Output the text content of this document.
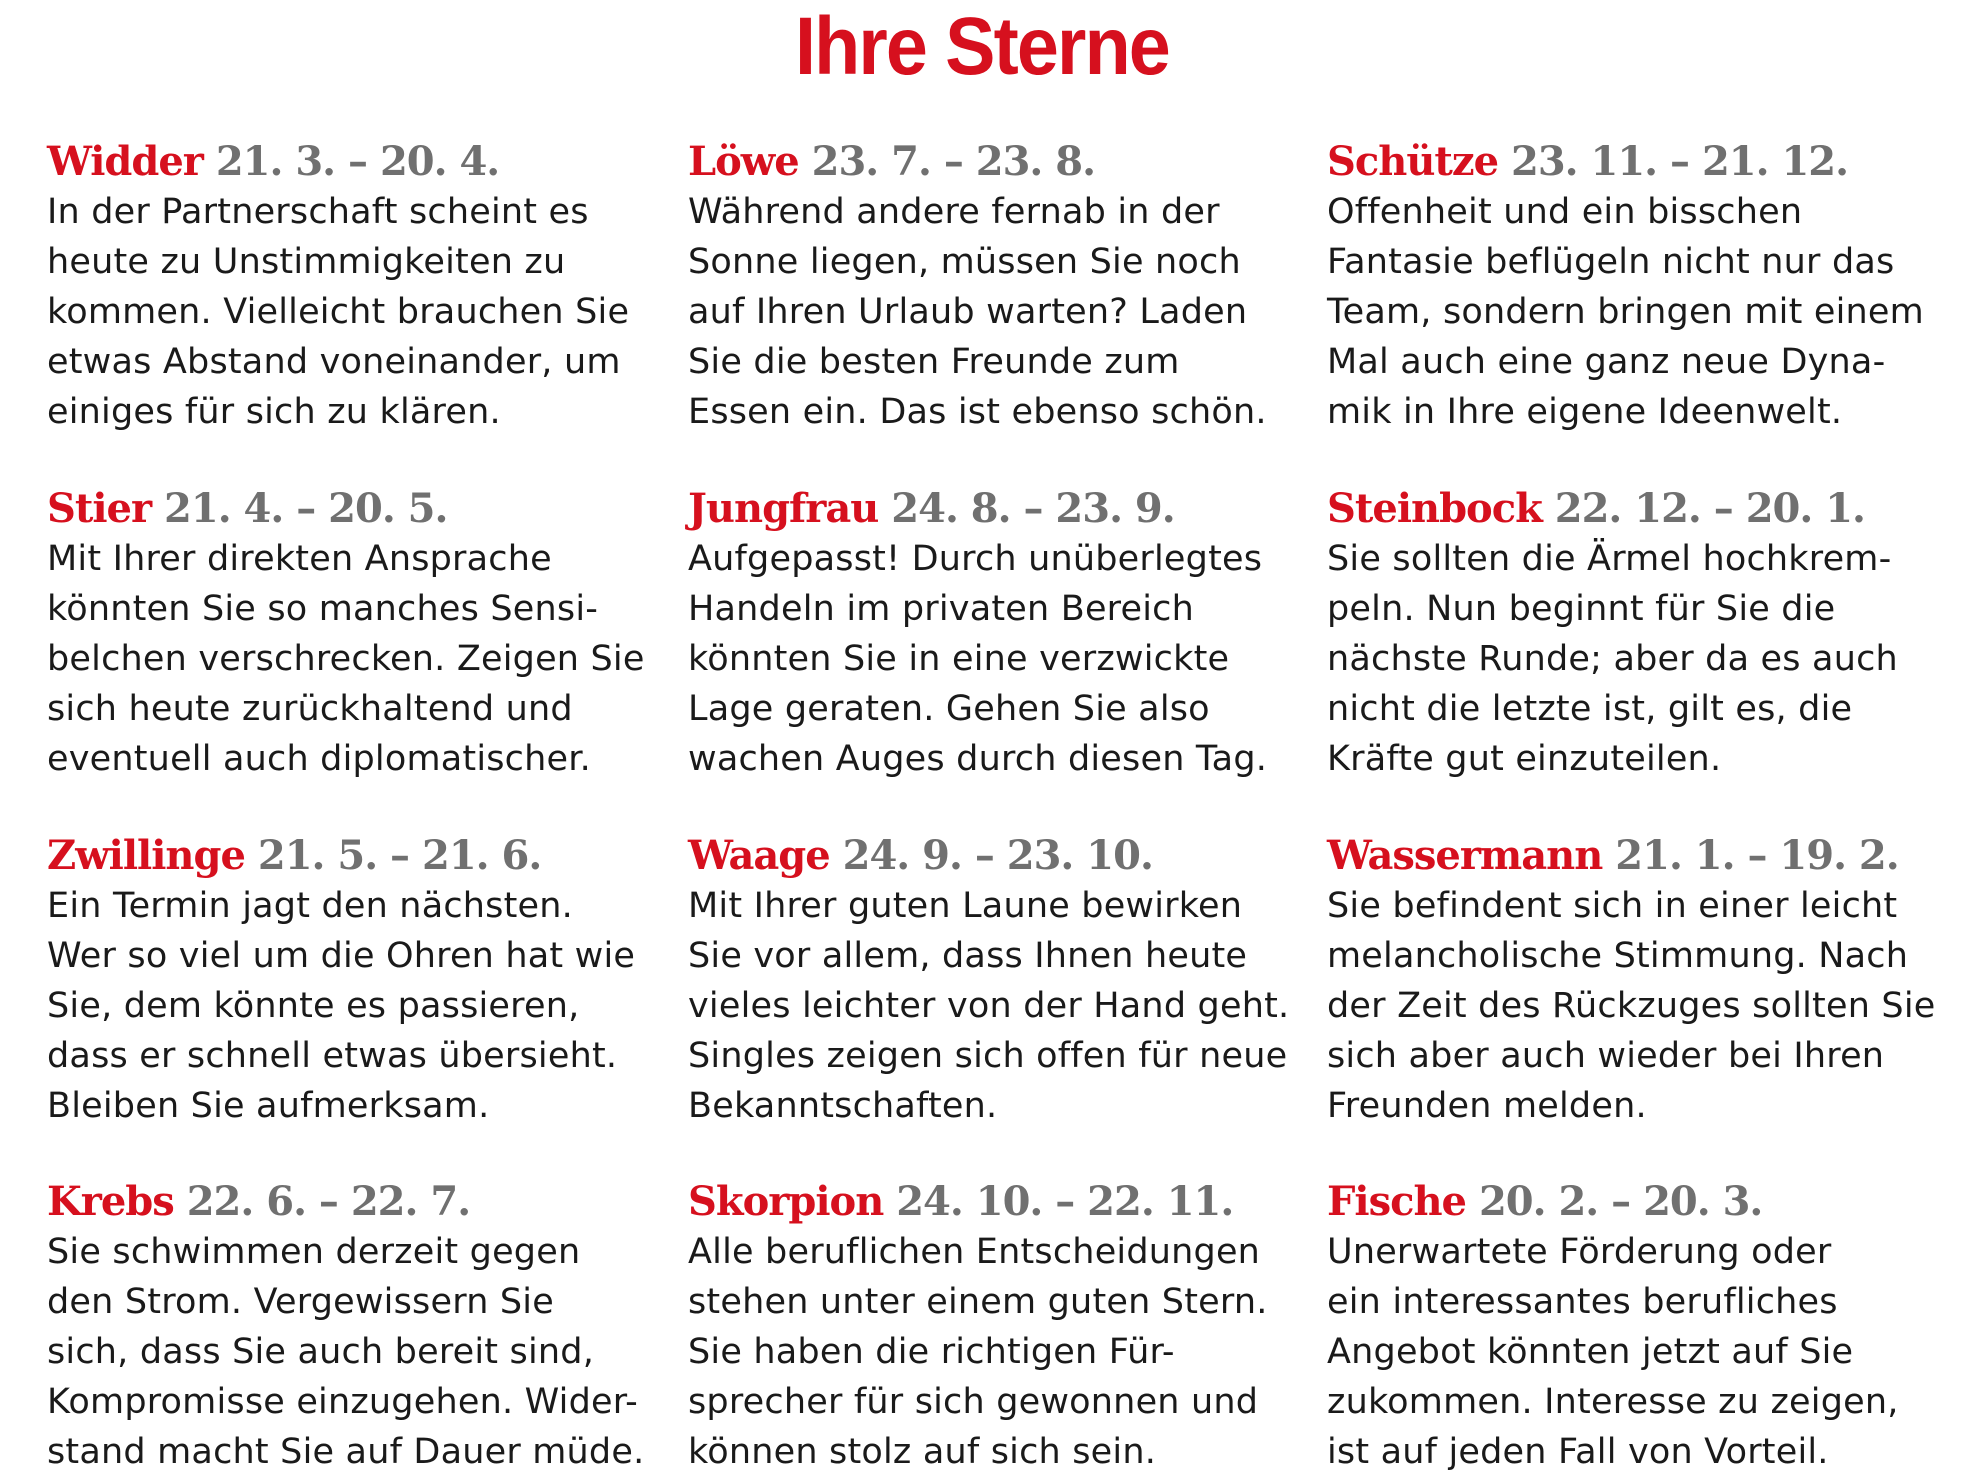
Ihre Sterne
Widder 21. 3. – 20. 4.
In der Partnerschaft scheint es
heute zu Unstimmigkeiten zu
kommen. Vielleicht brauchen Sie
etwas Abstand voneinander, um
einiges für sich zu klären.
Löwe 23. 7. – 23. 8.
Während andere fernab in der
Sonne liegen, müssen Sie noch
auf Ihren Urlaub warten? Laden
Sie die besten Freunde zum
Essen ein. Das ist ebenso schön.
Schütze 23. 11. – 21. 12.
Offenheit und ein bisschen
Fantasie beflügeln nicht nur das
Team, sondern bringen mit einem
Mal auch eine ganz neue Dyna-
mik in Ihre eigene Ideenwelt.
Stier 21. 4. – 20. 5.
Mit Ihrer direkten Ansprache
könnten Sie so manches Sensi-
belchen verschrecken. Zeigen Sie
sich heute zurückhaltend und
eventuell auch diplomatischer.
Jungfrau 24. 8. – 23. 9.
Aufgepasst! Durch unüberlegtes
Handeln im privaten Bereich
könnten Sie in eine verzwickte
Lage geraten. Gehen Sie also
wachen Auges durch diesen Tag.
Steinbock 22. 12. – 20. 1.
Sie sollten die Ärmel hochkrem-
peln. Nun beginnt für Sie die
nächste Runde; aber da es auch
nicht die letzte ist, gilt es, die
Kräfte gut einzuteilen.
Zwillinge 21. 5. – 21. 6.
Ein Termin jagt den nächsten.
Wer so viel um die Ohren hat wie
Sie, dem könnte es passieren,
dass er schnell etwas übersieht.
Bleiben Sie aufmerksam.
Waage 24. 9. – 23. 10.
Mit Ihrer guten Laune bewirken
Sie vor allem, dass Ihnen heute
vieles leichter von der Hand geht.
Singles zeigen sich offen für neue
Bekanntschaften.
Wassermann 21. 1. – 19. 2.
Sie befindent sich in einer leicht
melancholische Stimmung. Nach
der Zeit des Rückzuges sollten Sie
sich aber auch wieder bei Ihren
Freunden melden.
Krebs 22. 6. – 22. 7.
Sie schwimmen derzeit gegen
den Strom. Vergewissern Sie
sich, dass Sie auch bereit sind,
Kompromisse einzugehen. Wider-
stand macht Sie auf Dauer müde.
Skorpion 24. 10. – 22. 11.
Alle beruflichen Entscheidungen
stehen unter einem guten Stern.
Sie haben die richtigen Für-
sprecher für sich gewonnen und
können stolz auf sich sein.
Fische 20. 2. – 20. 3.
Unerwartete Förderung oder
ein interessantes berufliches
Angebot könnten jetzt auf Sie
zukommen. Interesse zu zeigen,
ist auf jeden Fall von Vorteil.
